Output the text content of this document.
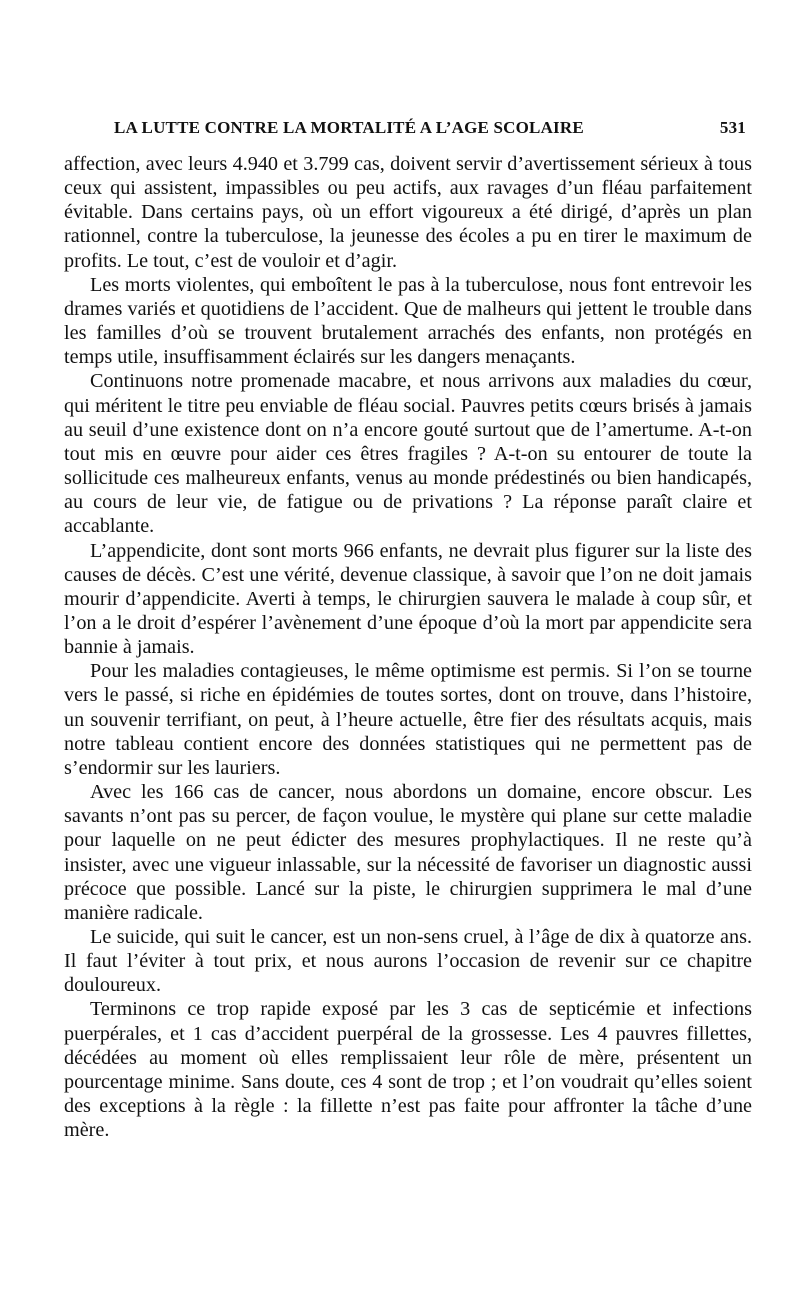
LA LUTTE CONTRE LA MORTALITÉ A L’AGE SCOLAIRE	531

affection, avec leurs 4.940 et 3.799 cas, doivent servir d’avertissement sérieux à tous ceux qui assistent, impassibles ou peu actifs, aux ravages d’un fléau parfaitement évitable. Dans certains pays, où un effort vigoureux a été dirigé, d’après un plan rationnel, contre la tuberculose, la jeunesse des écoles a pu en tirer le maximum de profits. Le tout, c’est de vouloir et d’agir.

Les morts violentes, qui emboîtent le pas à la tuberculose, nous font entrevoir les drames variés et quotidiens de l’accident. Que de malheurs qui jettent le trouble dans les familles d’où se trouvent brutalement arrachés des enfants, non protégés en temps utile, insuffisamment éclairés sur les dangers menaçants.

Continuons notre promenade macabre, et nous arrivons aux maladies du cœur, qui méritent le titre peu enviable de fléau social. Pauvres petits cœurs brisés à jamais au seuil d’une existence dont on n’a encore gouté surtout que de l’amertume. A-t-on tout mis en œuvre pour aider ces êtres fragiles ? A-t-on su entourer de toute la sollicitude ces malheureux enfants, venus au monde prédestinés ou bien handicapés, au cours de leur vie, de fatigue ou de privations ? La réponse paraît claire et accablante.

L’appendicite, dont sont morts 966 enfants, ne devrait plus figurer sur la liste des causes de décès. C’est une vérité, devenue classique, à savoir que l’on ne doit jamais mourir d’appendicite. Averti à temps, le chirurgien sauvera le malade à coup sûr, et l’on a le droit d’espérer l’avènement d’une époque d’où la mort par appendicite sera bannie à jamais.

Pour les maladies contagieuses, le même optimisme est permis. Si l’on se tourne vers le passé, si riche en épidémies de toutes sortes, dont on trouve, dans l’histoire, un souvenir terrifiant, on peut, à l’heure actuelle, être fier des résultats acquis, mais notre tableau contient encore des données statistiques qui ne permettent pas de s’endormir sur les lauriers.

Avec les 166 cas de cancer, nous abordons un domaine, encore obscur. Les savants n’ont pas su percer, de façon voulue, le mystère qui plane sur cette maladie pour laquelle on ne peut édicter des mesures prophylactiques. Il ne reste qu’à insister, avec une vigueur inlassable, sur la nécessité de favoriser un diagnostic aussi précoce que possible. Lancé sur la piste, le chirurgien supprimera le mal d’une manière radicale.

Le suicide, qui suit le cancer, est un non-sens cruel, à l’âge de dix à quatorze ans. Il faut l’éviter à tout prix, et nous aurons l’occasion de revenir sur ce chapitre douloureux.

Terminons ce trop rapide exposé par les 3 cas de septicémie et infections puerpérales, et 1 cas d’accident puerpéral de la grossesse. Les 4 pauvres fillettes, décédées au moment où elles remplissaient leur rôle de mère, présentent un pourcentage minime. Sans doute, ces 4 sont de trop ; et l’on voudrait qu’elles soient des exceptions à la règle : la fillette n’est pas faite pour affronter la tâche d’une mère.
